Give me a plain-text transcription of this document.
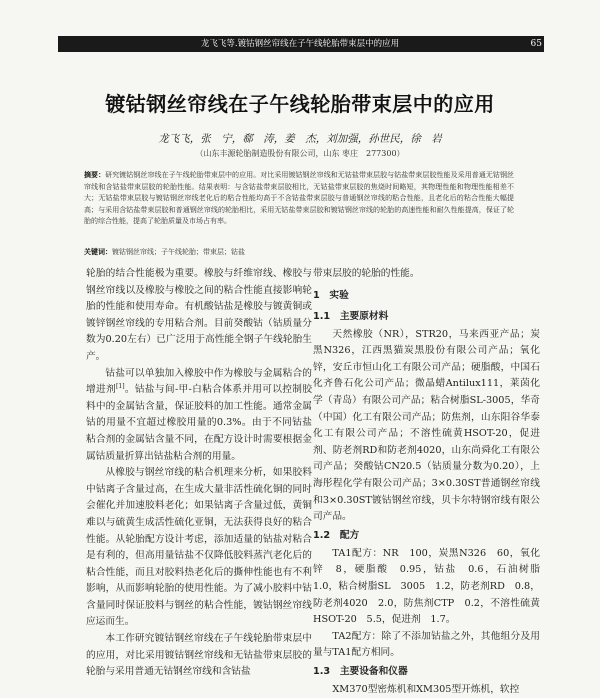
龙飞飞等.镀钴钢丝帘线在子午线轮胎带束层中的应用	65
镀钴钢丝帘线在子午线轮胎带束层中的应用
龙飞飞，张　宁，郗　涛，姜　杰，刘加强，孙世民，徐　岩
（山东丰源轮胎制造股份有限公司，山东 枣庄　277300）
摘要：研究镀钴钢丝帘线在子午线轮胎带束层中的应用。对比采用镀钴钢丝帘线和无钴盐带束层胶与钴盐带束层胶性能及采用普通无钴钢丝帘线和含钴盐带束层胶的轮胎性能。结果表明：与含钴盐带束层胶相比，无钴盐带束层胶的焦烧时间略短，其物理性能和物理性能相差不大；无钴盐带束层胶与镀钴钢丝帘线老化后的粘合性能均高于不含钴盐带束层胶与普通钢丝帘线的粘合性能，且老化后的粘合性能大幅提高；与采用含钴盐带束层胶和普通钢丝帘线的轮胎相比，采用无钴盐带束层胶和镀钴钢丝帘线的轮胎的高速性能和耐久性能提高，保证了轮胎的综合性能，提高了轮胎质量及市场占有率。
关键词：镀钴钢丝帘线；子午线轮胎；带束层；钴盐

轮胎的结合性能极为重要。橡胶与纤维帘线、橡胶与钢丝帘线以及橡胶与橡胶之间的粘合性能直接影响轮胎的性能和使用寿命。有机酸钴盐是橡胶与镀黄铜或镀锌钢丝帘线的专用粘合剂。目前癸酸钴（钴质量分数为0.20左右）已广泛用于高性能全钢子午线轮胎生产。

钴盐可以单独加入橡胶中作为橡胶与金属粘合的增进剂[1]。钴盐与间-甲-白粘合体系并用可以控制胶料中的金属钴含量，保证胶料的加工性能。通常金属钴的用量不宜超过橡胶用量的0.3%。由于不同钴盐粘合剂的金属钴含量不同，在配方设计时需要根据金属钴质量折算出钴盐粘合剂的用量。

从橡胶与钢丝帘线的粘合机理来分析，如果胶料中钴离子含量过高，在生成大量非活性硫化铜的同时会催化并加速胶料老化；如果钴离子含量过低，黄铜难以与硫黄生成活性硫化亚铜，无法获得良好的粘合性能。从轮胎配方设计考虑，添加适量的钴盐对粘合是有利的，但高用量钴盐不仅降低胶料蒸汽老化后的粘合性能，而且对胶料热老化后的撕伸性能也有不利影响，从而影响轮胎的使用性能。为了减小胶料中钴含量同时保证胶料与钢丝的粘合性能，镀钴钢丝帘线应运而生。

本工作研究镀钴钢丝帘线在子午线轮胎带束层中的应用，对比采用镀钴钢丝帘线和无钴盐带束层胶的轮胎与采用普通无钴钢丝帘线和含钴盐

带束层胶的轮胎的性能。

1　实验
1.1　主要原材料

天然橡胶（NR），STR20，马来西亚产品；炭黑N326，江西黑猫炭黑股份有限公司产品；氧化锌，安丘市恒山化工有限公司产品；硬脂酸，中国石化齐鲁石化公司产品；微晶蜡Antilux111，莱茵化学（青岛）有限公司产品；粘合树脂SL-3005，华奇（中国）化工有限公司产品；防焦剂，山东阳谷华泰化工有限公司产品；不溶性硫黄HSOT-20，促进剂、防老剂RD和防老剂4020，山东尚舜化工有限公司产品；癸酸钴CN20.5（钴质量分数为0.20），上海彤程化学有限公司产品；3×0.30ST普通钢丝帘线和3×0.30ST镀钴钢丝帘线，贝卡尔特钢帘线有限公司产品。

1.2　配方

TA1配方：NR　100，炭黑N326　60，氧化锌　8，硬脂酸　0.95，钴盐　0.6，石油树脂　1.0，粘合树脂SL　3005　1.2，防老剂RD　0.8，防老剂4020　2.0，防焦剂CTP　0.2，不溶性硫黄HSOT-20　5.5，促进剂　1.7。

TA2配方：除了不添加钴盐之外，其他组分及用量与TA1配方相同。

1.3　主要设备和仪器

XM370型密炼机和XM305型开炼机，软控
